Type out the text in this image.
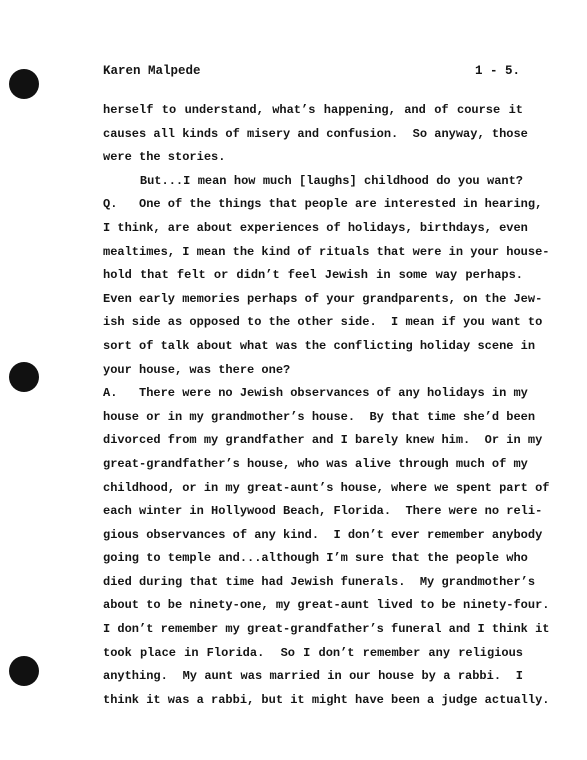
Karen Malpede	1 - 5.
herself to understand, what’s happening, and of course it
causes all kinds of misery and confusion.  So anyway, those
were the stories.
But...I mean how much [laughs] childhood do you want?
Q.   One of the things that people are interested in hearing,
I think, are about experiences of holidays, birthdays, even
mealtimes, I mean the kind of rituals that were in your house-
hold that felt or didn’t feel Jewish in some way perhaps.
Even early memories perhaps of your grandparents, on the Jew-
ish side as opposed to the other side.  I mean if you want to
sort of talk about what was the conflicting holiday scene in
your house, was there one?
A.   There were no Jewish observances of any holidays in my
house or in my grandmother’s house.  By that time she’d been
divorced from my grandfather and I barely knew him.  Or in my
great-grandfather’s house, who was alive through much of my
childhood, or in my great-aunt’s house, where we spent part of
each winter in Hollywood Beach, Florida.  There were no reli-
gious observances of any kind.  I don’t ever remember anybody
going to temple and...although I’m sure that the people who
died during that time had Jewish funerals.  My grandmother’s
about to be ninety-one, my great-aunt lived to be ninety-four.
I don’t remember my great-grandfather’s funeral and I think it
took place in Florida.  So I don’t remember any religious
anything.  My aunt was married in our house by a rabbi.  I
think it was a rabbi, but it might have been a judge actually.
